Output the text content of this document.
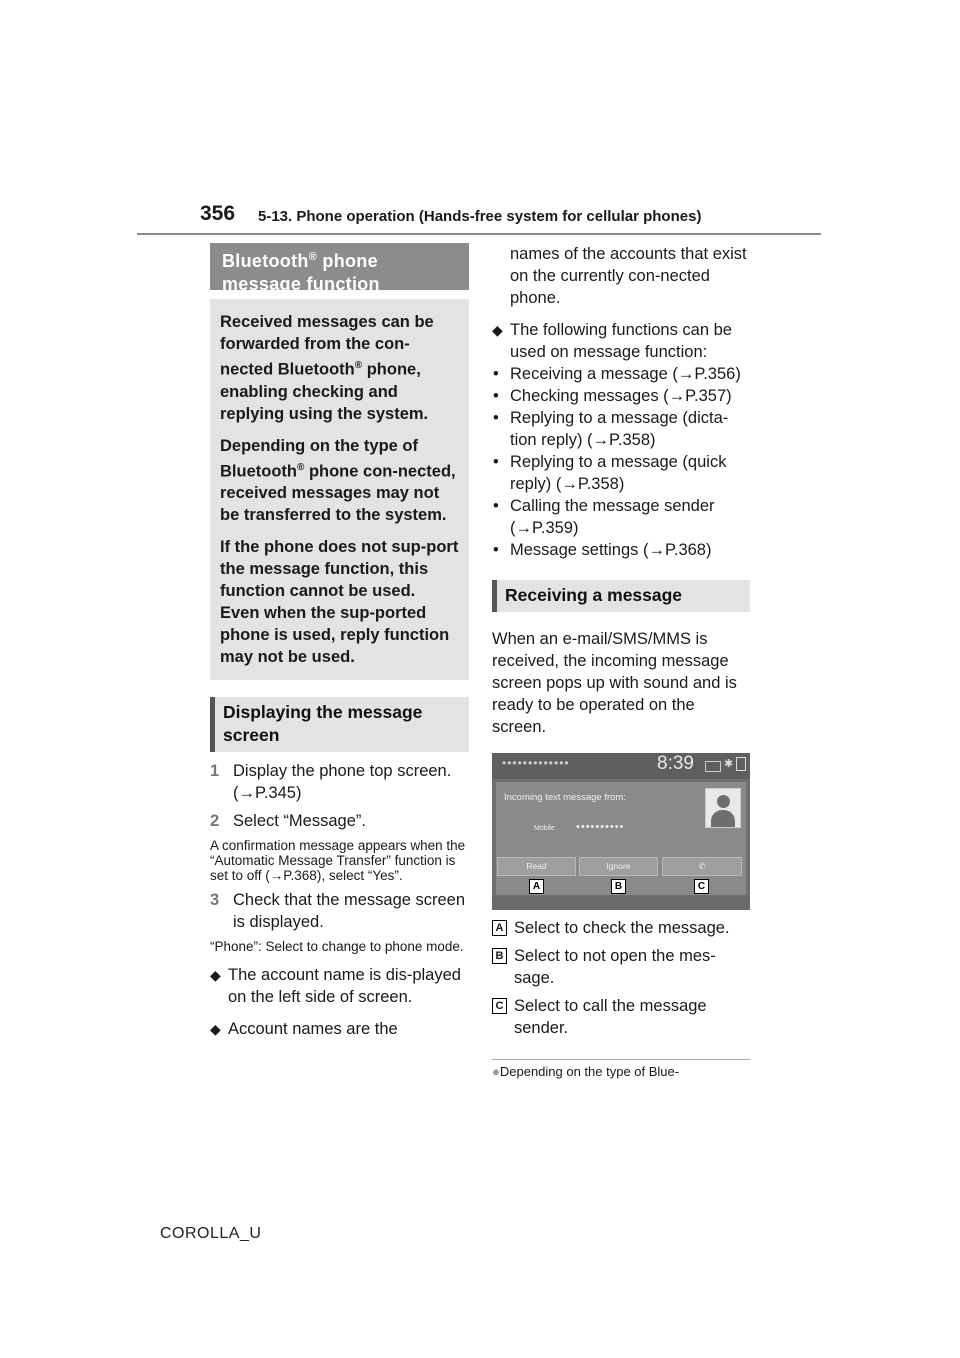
356 5-13. Phone operation (Hands-free system for cellular phones)
Bluetooth® phone
message function

Received messages can be forwarded from the con-nected Bluetooth® phone, enabling checking and replying using the system.

Depending on the type of Bluetooth® phone con-nected, received messages may not be transferred to the system.

If the phone does not sup-port the message function, this function cannot be used. Even when the sup-ported phone is used, reply function may not be used.

Displaying the message screen

1 Display the phone top screen. (→P.345)

2 Select “Message”.

A confirmation message appears when the “Automatic Message Transfer” function is set to off (→P.368), select “Yes”.

3 Check that the message screen is displayed.

“Phone”: Select to change to phone mode.

◆ The account name is dis-played on the left side of screen.

◆ Account names are the

names of the accounts that exist on the currently con-nected phone.

◆ The following functions can be used on message function:

• Receiving a message (→P.356)

• Checking messages (→P.357)

• Replying to a message (dicta-tion reply) (→P.358)

• Replying to a message (quick reply) (→P.358)

• Calling the message sender (→P.359)

• Message settings (→P.368)

Receiving a message

When an e-mail/SMS/MMS is received, the incoming message screen pops up with sound and is ready to be operated on the screen.

•••••••••••••	8:39	✱
Incoming text message from:
Mobile ••••••••••
Read	Ignore	✆
A	B	C

A Select to check the message.

B Select to not open the mes-sage.

C Select to call the message sender.

●Depending on the type of Blue-

COROLLA_U
